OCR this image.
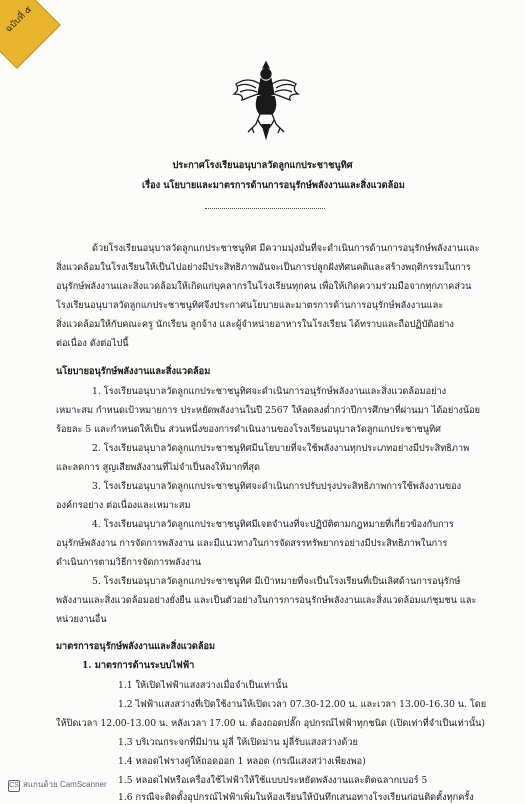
ฉบับที่ ๕
ประกาศโรงเรียนอนุบาลวัดลูกแกประชาชนูทิศ
เรื่อง นโยบายและมาตรการด้านการอนุรักษ์พลังงานและสิ่งแวดล้อม
ด้วยโรงเรียนอนุบาลวัดลูกแกประชาชนูทิศ มีความมุ่งมั่นที่จะดำเนินการด้านการอนุรักษ์พลังงานและ
สิ่งแวดล้อมในโรงเรียนให้เป็นไปอย่างมีประสิทธิภาพอันจะเป็นการปลูกฝังทัศนคติและสร้างพฤติกรรมในการ
อนุรักษ์พลังงานและสิ่งแวดล้อมให้เกิดแก่บุคลากรในโรงเรียนทุกคน เพื่อให้เกิดความร่วมมือจากทุกภาคส่วน
โรงเรียนอนุบาลวัดลูกแกประชาชนูทิศจึงประกาศนโยบายและมาตรการด้านการอนุรักษ์พลังงานและ
สิ่งแวดล้อมให้กับคณะครู นักเรียน ลูกจ้าง และผู้จำหน่ายอาหารในโรงเรียน ได้ทราบและถือปฏิบัติอย่าง
ต่อเนื่อง ดังต่อไปนี้
นโยบายอนุรักษ์พลังงานและสิ่งแวดล้อม
1. โรงเรียนอนุบาลวัดลูกแกประชาชนูทิศจะดำเนินการอนุรักษ์พลังงานและสิ่งแวดล้อมอย่าง
เหมาะสม กำหนดเป้าหมายการ ประหยัดพลังงานในปี 2567 ให้ลดลงต่ำกว่าปีการศึกษาที่ผ่านมา ได้อย่างน้อย
ร้อยละ 5 และกำหนดให้เป็น ส่วนหนึ่งของการดำเนินงานของโรงเรียนอนุบาลวัดลูกแกประชาชนูทิศ
2. โรงเรียนอนุบาลวัดลูกแกประชาชนูทิศมีนโยบายที่จะใช้พลังงานทุกประเภทอย่างมีประสิทธิภาพ
และลดการ สูญเสียพลังงานที่ไม่จำเป็นลงให้มากที่สุด
3. โรงเรียนอนุบาลวัดลูกแกประชาชนูทิศจะดำเนินการปรับปรุงประสิทธิภาพการใช้พลังงานของ
องค์กรอย่าง ต่อเนื่องและเหมาะสม
4. โรงเรียนอนุบาลวัดลูกแกประชาชนูทิศมีเจตจำนงที่จะปฏิบัติตามกฎหมายที่เกี่ยวข้องกับการ
อนุรักษ์พลังงาน การจัดการพลังงาน และมีแนวทางในการจัดสรรทรัพยากรอย่างมีประสิทธิภาพในการ
ดำเนินการตามวิธีการจัดการพลังงาน
5. โรงเรียนอนุบาลวัดลูกแกประชาชนูทิศ มีเป้าหมายที่จะเป็นโรงเรียนที่เป็นเลิศด้านการอนุรักษ์
พลังงานและสิ่งแวดล้อมอย่างยั่งยืน และเป็นตัวอย่างในการการอนุรักษ์พลังงานและสิ่งแวดล้อมแก่ชุมชน และ
หน่วยงานอื่น
มาตรการอนุรักษ์พลังงานและสิ่งแวดล้อม
1. มาตรการด้านระบบไฟฟ้า
1.1 ให้เปิดไฟฟ้าแสงสว่างเมื่อจำเป็นเท่านั้น
1.2 ไฟฟ้าแสงสว่างที่เปิดใช้งานให้เปิดเวลา 07.30-12.00 น. และเวลา 13.00-16.30 น. โดย
ให้ปิดเวลา 12.00-13.00 น. หลังเวลา 17.00 น. ต้องถอดปลั๊ก อุปกรณ์ไฟฟ้าทุกชนิด (เปิดเท่าที่จำเป็นเท่านั้น)
1.3 บริเวณกระจกที่มีม่าน มู่ลี่ ให้เปิดม่าน มู่ลี่รับแสงสว่างด้วย
1.4 หลอดไฟรางคู่ให้ถอดออก 1 หลอด (กรณีแสงสว่างเพียงพอ)
1.5 หลอดไฟหรือเครื่องใช้ไฟฟ้าให้ใช้แบบประหยัดพลังงานและติดฉลากเบอร์ 5
1.6 กรณีจะติดตั้งอุปกรณ์ไฟฟ้าเพิ่มในห้องเรียนให้บันทึกเสนอทางโรงเรียนก่อนติดตั้งทุกครั้ง
CS สแกนด้วย CamScanner
